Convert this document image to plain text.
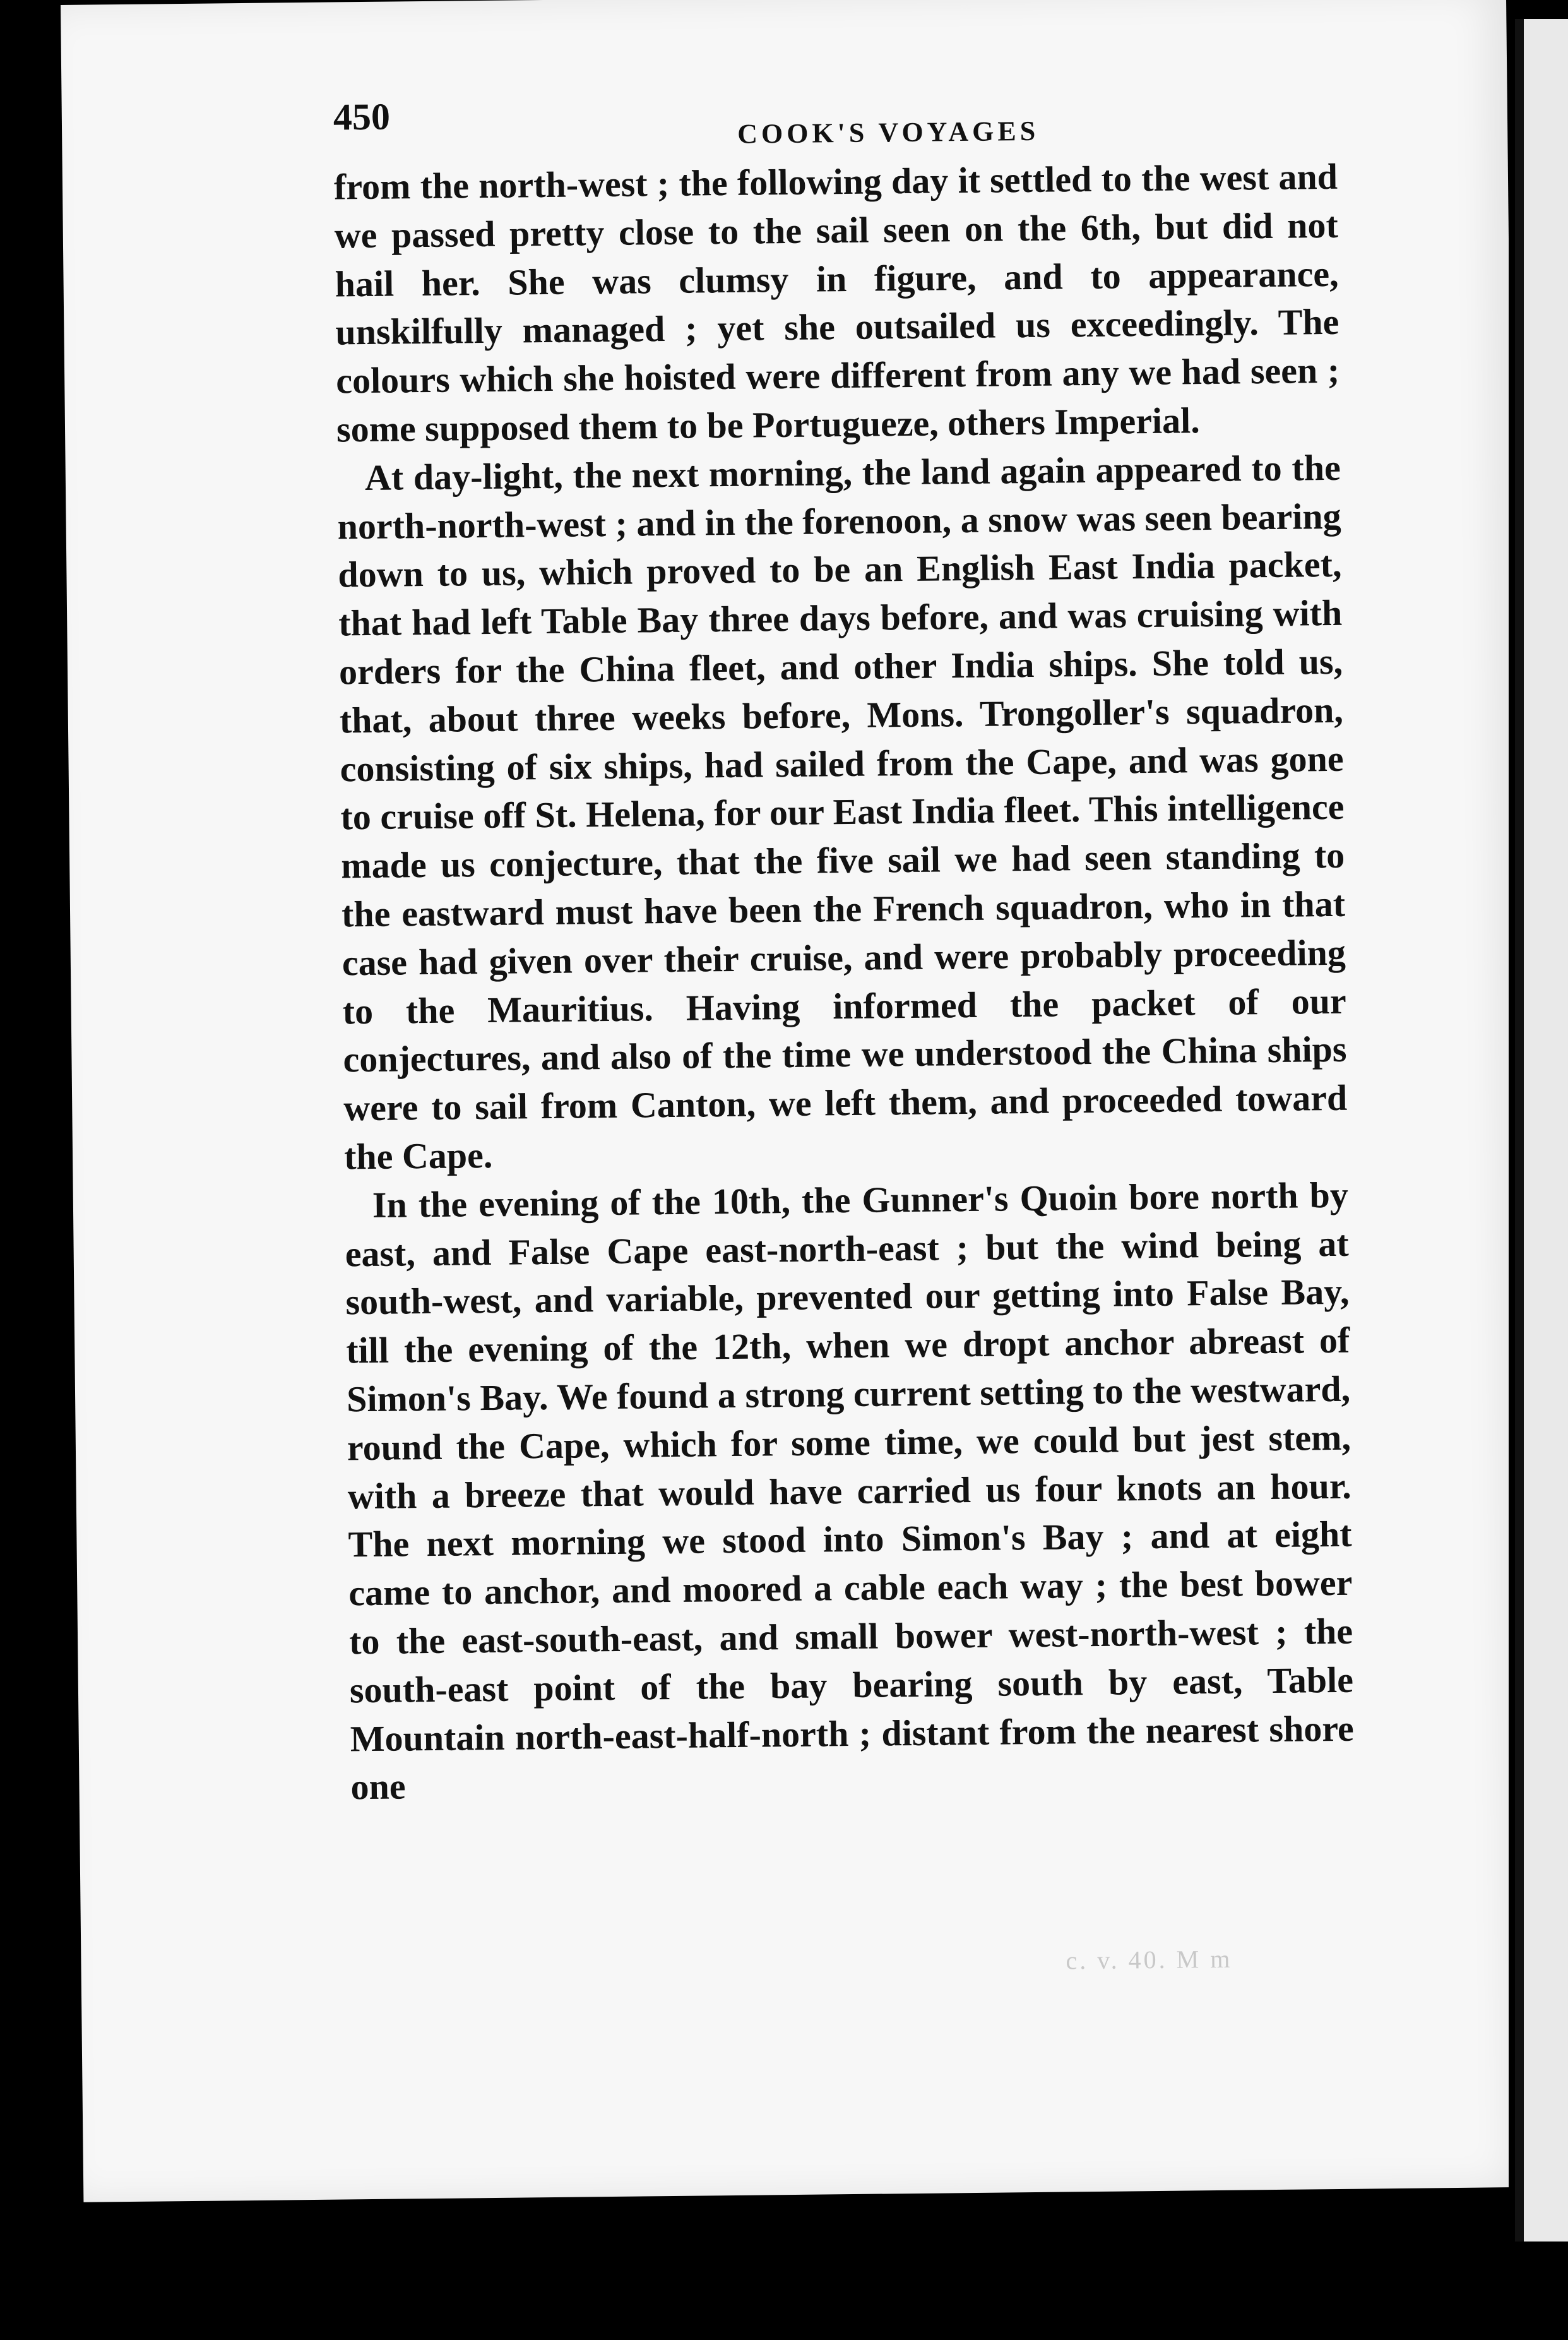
450	COOK'S VOYAGES

from the north-west ; the following day it settled to the west and we passed pretty close to the sail seen on the 6th, but did not hail her. She was clumsy in figure, and to appearance, unskilfully managed ; yet she outsailed us exceedingly. The colours which she hoisted were different from any we had seen ; some supposed them to be Portugueze, others Imperial.

At day-light, the next morning, the land again appeared to the north-north-west ; and in the forenoon, a snow was seen bearing down to us, which proved to be an English East India packet, that had left Table Bay three days before, and was cruising with orders for the China fleet, and other India ships. She told us, that, about three weeks before, Mons. Trongoller's squadron, consisting of six ships, had sailed from the Cape, and was gone to cruise off St. Helena, for our East India fleet. This intelligence made us conjecture, that the five sail we had seen standing to the eastward must have been the French squadron, who in that case had given over their cruise, and were probably proceeding to the Mauritius. Having informed the packet of our conjectures, and also of the time we understood the China ships were to sail from Canton, we left them, and proceeded toward the Cape.

In the evening of the 10th, the Gunner's Quoin bore north by east, and False Cape east-north-east ; but the wind being at south-west, and variable, prevented our getting into False Bay, till the evening of the 12th, when we dropt anchor abreast of Simon's Bay. We found a strong current setting to the westward, round the Cape, which for some time, we could but jest stem, with a breeze that would have carried us four knots an hour. The next morning we stood into Simon's Bay ; and at eight came to anchor, and moored a cable each way ; the best bower to the east-south-east, and small bower west-north-west ; the south-east point of the bay bearing south by east, Table Mountain north-east-half-north ; distant from the nearest shore one

c. v. 40. M m
